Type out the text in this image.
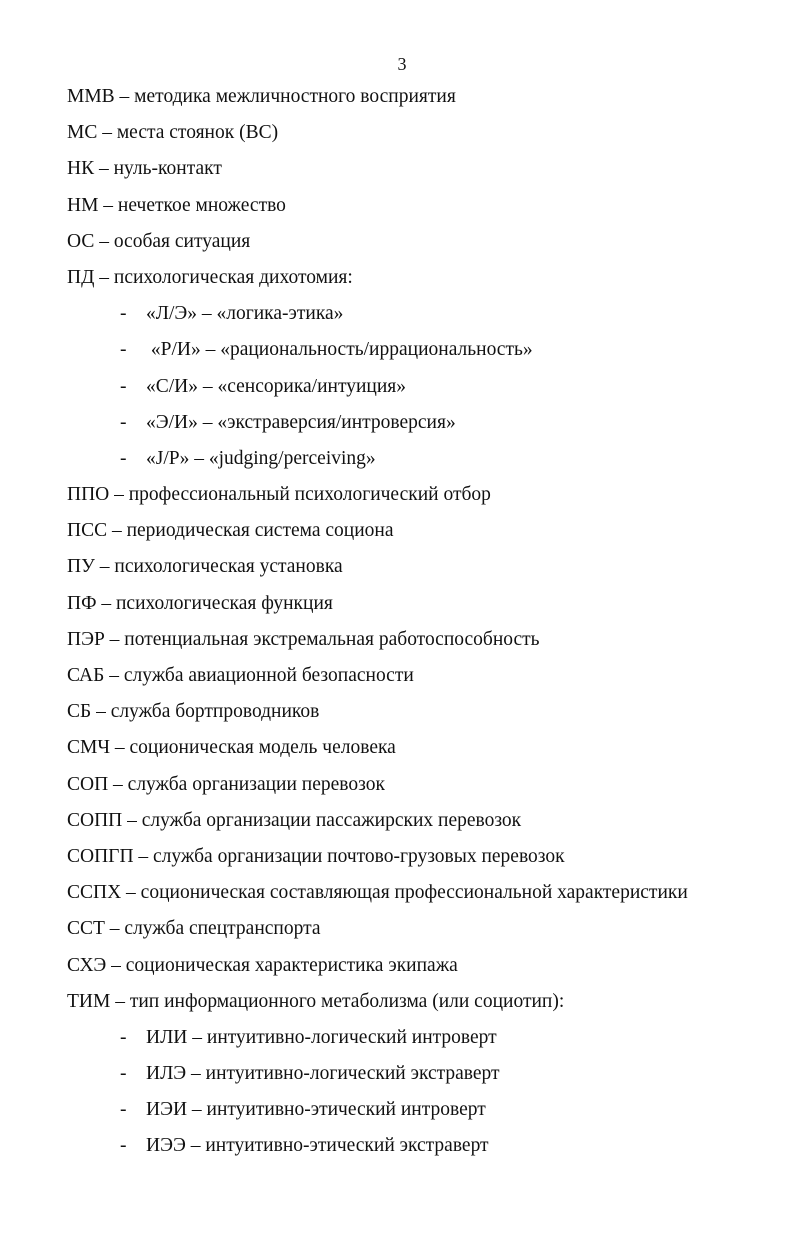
3
ММВ – методика межличностного восприятия
МС – места стоянок (ВС)
НК – нуль-контакт
НМ – нечеткое множество
ОС – особая ситуация
ПД – психологическая дихотомия:
- «Л/Э» – «логика-этика»
- «Р/И» – «рациональность/иррациональность»
- «С/И» – «сенсорика/интуиция»
- «Э/И» – «экстраверсия/интроверсия»
- «J/P» – «judging/perceiving»
ППО – профессиональный психологический отбор
ПСС – периодическая система социона
ПУ – психологическая установка
ПФ – психологическая функция
ПЭР – потенциальная экстремальная работоспособность
САБ – служба авиационной безопасности
СБ – служба бортпроводников
СМЧ – соционическая модель человека
СОП – служба организации перевозок
СОПП – служба организации пассажирских перевозок
СОПГП – служба организации почтово-грузовых перевозок
ССПХ – соционическая составляющая профессиональной характеристики
ССТ – служба спецтранспорта
СХЭ – соционическая характеристика экипажа
ТИМ – тип информационного метаболизма (или социотип):
- ИЛИ – интуитивно-логический интроверт
- ИЛЭ – интуитивно-логический экстраверт
- ИЭИ – интуитивно-этический интроверт
- ИЭЭ – интуитивно-этический экстраверт
